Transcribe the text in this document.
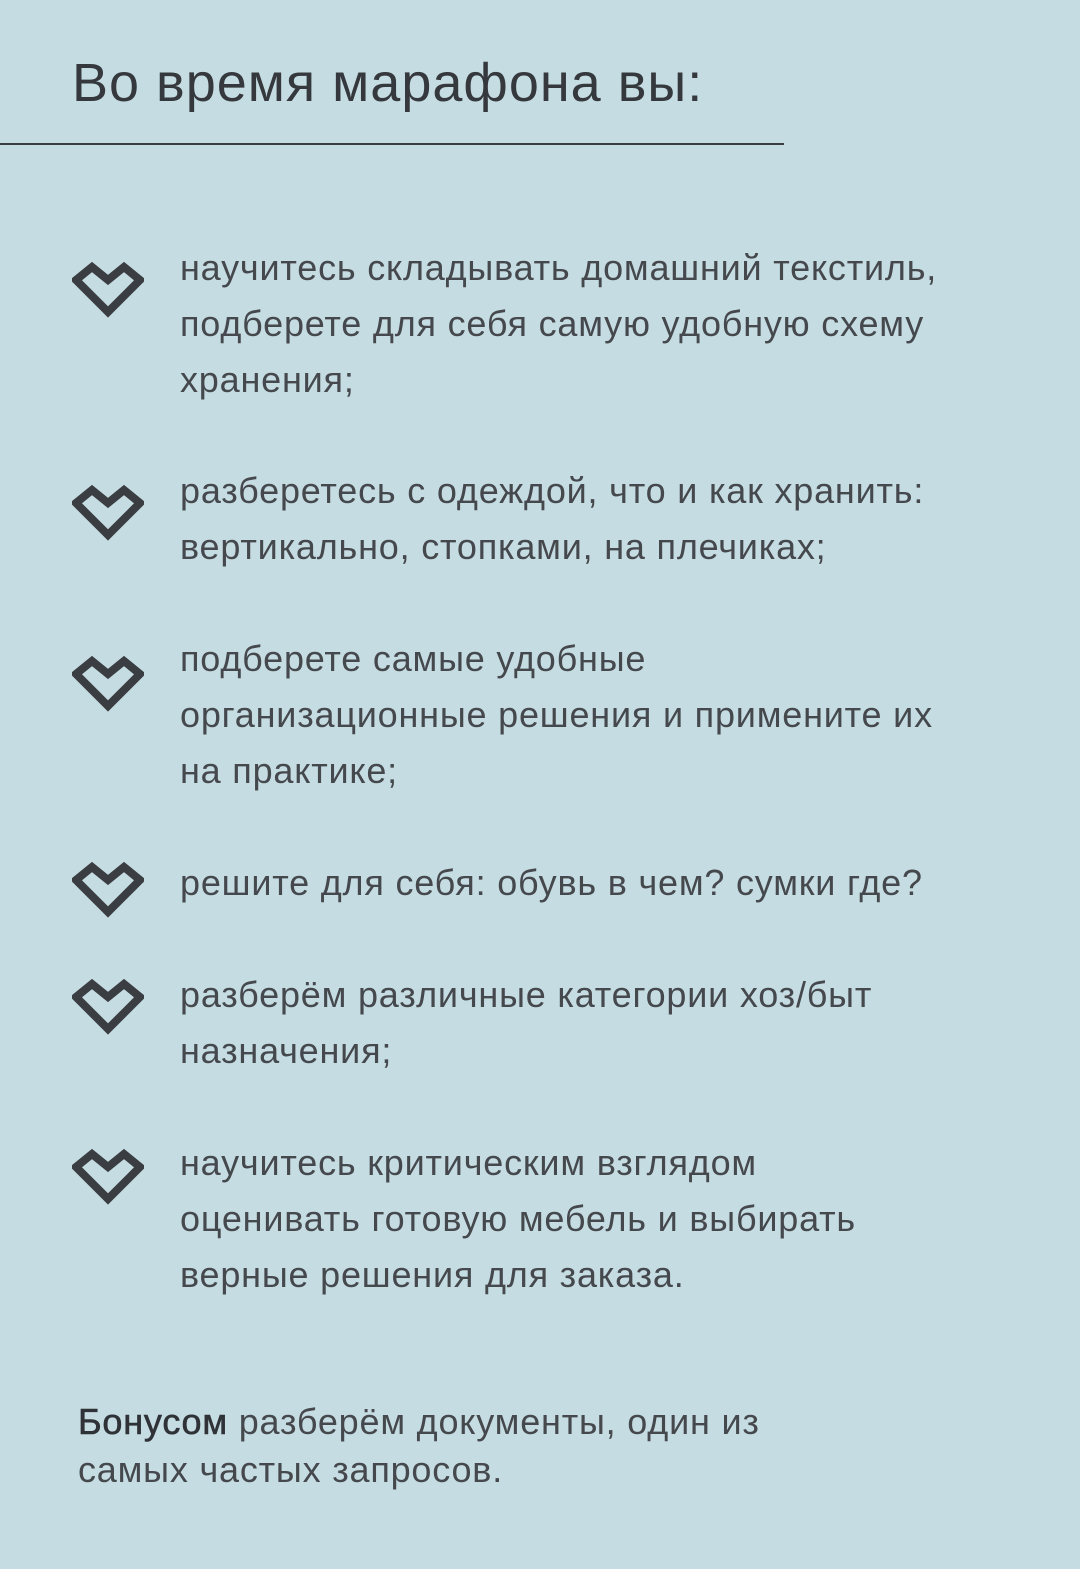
Во время марафона вы:
научитесь складывать домашний текстиль,
подберете для себя самую удобную схему
хранения;
разберетесь с одеждой, что и как хранить:
вертикально, стопками, на плечиках;
подберете самые удобные
организационные решения и примените их
на практике;
решите для себя: обувь в чем? сумки где?
разберём различные категории хоз/быт
назначения;
научитесь критическим взглядом
оценивать готовую мебель и выбирать
верные решения для заказа.
Бонусом разберём документы, один из
самых частых запросов.
